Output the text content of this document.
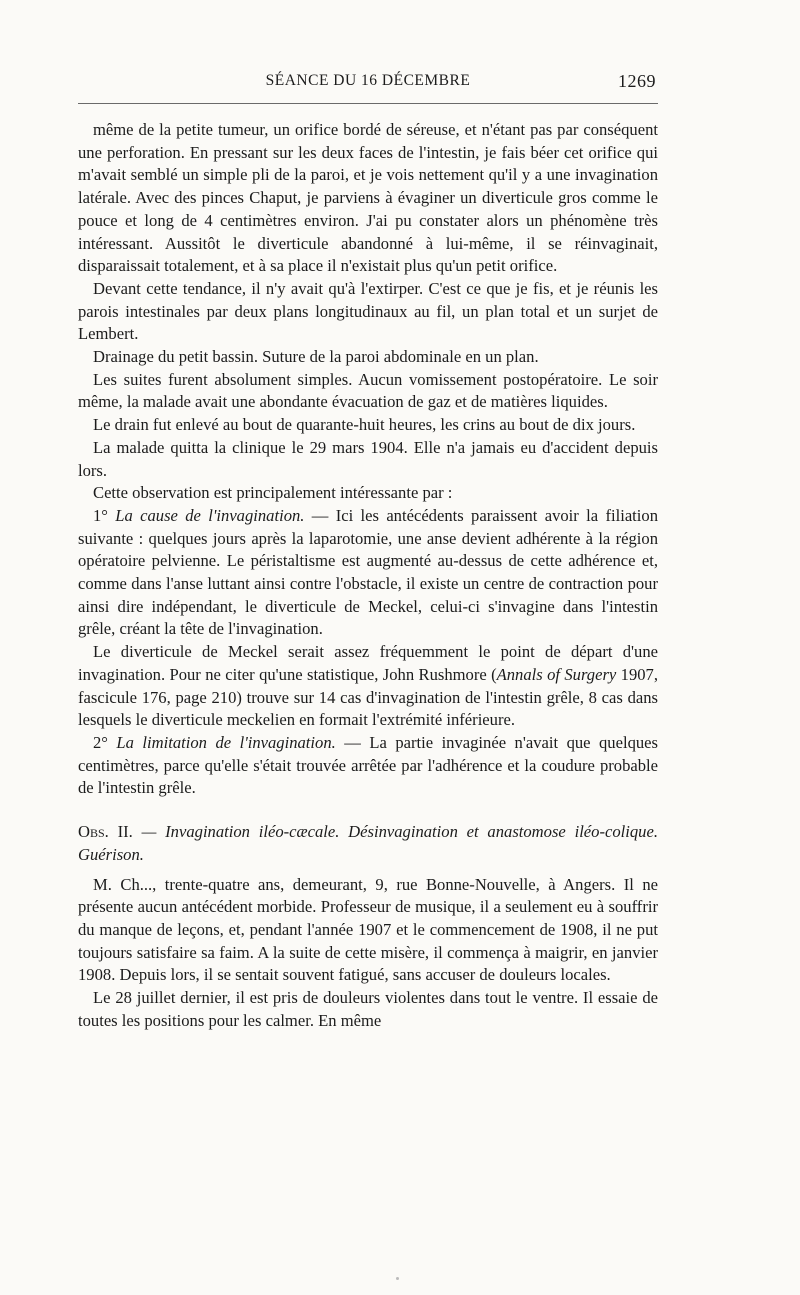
SÉANCE DU 16 DÉCEMBRE	1269

même de la petite tumeur, un orifice bordé de séreuse, et n'étant pas par conséquent une perforation. En pressant sur les deux faces de l'intestin, je fais béer cet orifice qui m'avait semblé un simple pli de la paroi, et je vois nettement qu'il y a une invagination latérale. Avec des pinces Chaput, je parviens à évaginer un diverticule gros comme le pouce et long de 4 centimètres environ. J'ai pu constater alors un phénomène très intéressant. Aussitôt le diverticule abandonné à lui-même, il se réinvaginait, disparaissait totalement, et à sa place il n'existait plus qu'un petit orifice.

Devant cette tendance, il n'y avait qu'à l'extirper. C'est ce que je fis, et je réunis les parois intestinales par deux plans longitudinaux au fil, un plan total et un surjet de Lembert.

Drainage du petit bassin. Suture de la paroi abdominale en un plan.

Les suites furent absolument simples. Aucun vomissement postopératoire. Le soir même, la malade avait une abondante évacuation de gaz et de matières liquides.

Le drain fut enlevé au bout de quarante-huit heures, les crins au bout de dix jours.

La malade quitta la clinique le 29 mars 1904. Elle n'a jamais eu d'accident depuis lors.

Cette observation est principalement intéressante par :

1° La cause de l'invagination. — Ici les antécédents paraissent avoir la filiation suivante : quelques jours après la laparotomie, une anse devient adhérente à la région opératoire pelvienne. Le péristaltisme est augmenté au-dessus de cette adhérence et, comme dans l'anse luttant ainsi contre l'obstacle, il existe un centre de contraction pour ainsi dire indépendant, le diverticule de Meckel, celui-ci s'invagine dans l'intestin grêle, créant la tête de l'invagination.

Le diverticule de Meckel serait assez fréquemment le point de départ d'une invagination. Pour ne citer qu'une statistique, John Rushmore (Annals of Surgery 1907, fascicule 176, page 210) trouve sur 14 cas d'invagination de l'intestin grêle, 8 cas dans lesquels le diverticule meckelien en formait l'extrémité inférieure.

2° La limitation de l'invagination. — La partie invaginée n'avait que quelques centimètres, parce qu'elle s'était trouvée arrêtée par l'adhérence et la coudure probable de l'intestin grêle.

Obs. II. — Invagination iléo-cæcale. Désinvagination et anastomose iléo-colique. Guérison.

M. Ch..., trente-quatre ans, demeurant, 9, rue Bonne-Nouvelle, à Angers. Il ne présente aucun antécédent morbide. Professeur de musique, il a seulement eu à souffrir du manque de leçons, et, pendant l'année 1907 et le commencement de 1908, il ne put toujours satisfaire sa faim. A la suite de cette misère, il commença à maigrir, en janvier 1908. Depuis lors, il se sentait souvent fatigué, sans accuser de douleurs locales.

Le 28 juillet dernier, il est pris de douleurs violentes dans tout le ventre. Il essaie de toutes les positions pour les calmer. En même
